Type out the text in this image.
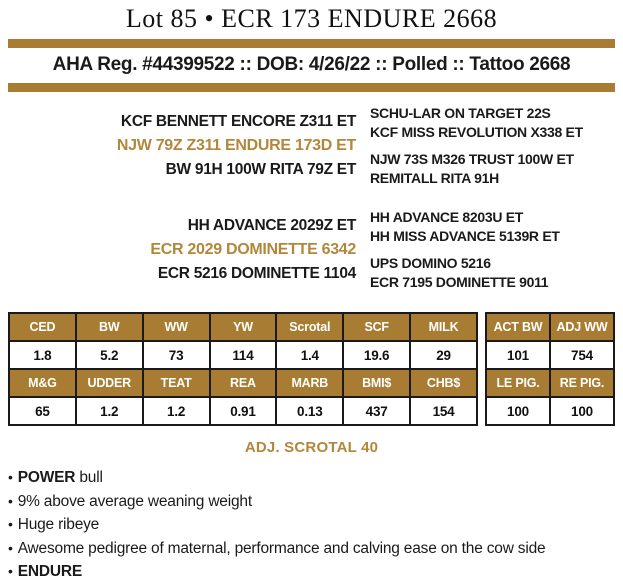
Lot 85 • ECR 173 ENDURE 2668
AHA Reg. #44399522 :: DOB: 4/26/22 :: Polled :: Tattoo 2668
KCF BENNETT ENCORE Z311 ET
NJW 79Z Z311 ENDURE 173D ET
BW 91H 100W RITA 79Z ET
SCHU-LAR ON TARGET 22S
KCF MISS REVOLUTION X338 ET
NJW 73S M326 TRUST 100W ET
REMITALL RITA 91H
HH ADVANCE 2029Z ET
ECR 2029 DOMINETTE 6342
ECR 5216 DOMINETTE 1104
HH ADVANCE 8203U ET
HH MISS ADVANCE 5139R ET
UPS DOMINO 5216
ECR 7195 DOMINETTE 9011
CED	BW	WW	YW	Scrotal	SCF	MILK
1.8	5.2	73	114	1.4	19.6	29
M&G	UDDER	TEAT	REA	MARB	BMI$	CHB$
65	1.2	1.2	0.91	0.13	437	154
ACT BW	ADJ WW
101	754
LE PIG.	RE PIG.
100	100
ADJ. SCROTAL 40
• POWER bull
• 9% above average weaning weight
• Huge ribeye
• Awesome pedigree of maternal, performance and calving ease on the cow side
• ENDURE
